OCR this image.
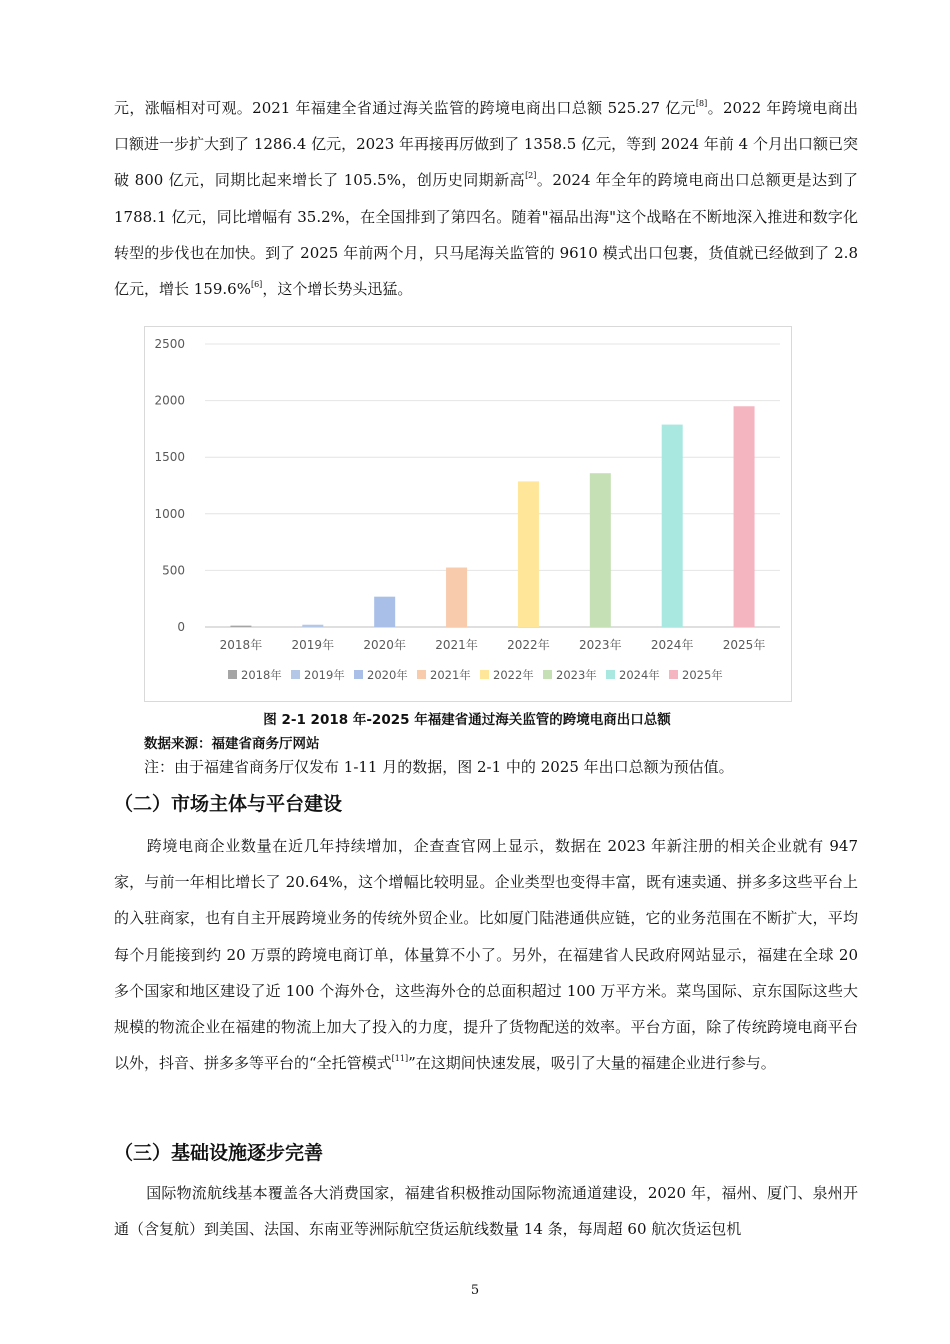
元，涨幅相对可观。2021 年福建全省通过海关监管的跨境电商出口总额 525.27 亿元[8]。2022 年跨境电商出口额进一步扩大到了 1286.4 亿元，2023 年再接再厉做到了 1358.5 亿元，等到 2024 年前 4 个月出口额已突破 800 亿元，同期比起来增长了 105.5%，创历史同期新高[2]。2024 年全年的跨境电商出口总额更是达到了 1788.1 亿元，同比增幅有 35.2%，在全国排到了第四名。随着"福品出海"这个战略在不断地深入推进和数字化转型的步伐也在加快。到了 2025 年前两个月，只马尾海关监管的 9610 模式出口包裹，货值就已经做到了 2.8 亿元，增长 159.6%[6]，这个增长势头迅猛。
0
500
1000
1500
2000
2500
2018年 2019年 2020年 2021年 2022年 2023年 2024年 2025年
2018年 2019年 2020年 2021年 2022年 2023年 2024年 2025年
图 2-1 2018 年-2025 年福建省通过海关监管的跨境电商出口总额
数据来源：福建省商务厅网站
注：由于福建省商务厅仅发布 1-11 月的数据，图 2-1 中的 2025 年出口总额为预估值。
（二）市场主体与平台建设
跨境电商企业数量在近几年持续增加，企查查官网上显示，数据在 2023 年新注册的相关企业就有 947 家，与前一年相比增长了 20.64%，这个增幅比较明显。企业类型也变得丰富，既有速卖通、拼多多这些平台上的入驻商家，也有自主开展跨境业务的传统外贸企业。比如厦门陆港通供应链，它的业务范围在不断扩大，平均每个月能接到约 20 万票的跨境电商订单，体量算不小了。另外，在福建省人民政府网站显示，福建在全球 20 多个国家和地区建设了近 100 个海外仓，这些海外仓的总面积超过 100 万平方米。菜鸟国际、京东国际这些大规模的物流企业在福建的物流上加大了投入的力度，提升了货物配送的效率。平台方面，除了传统跨境电商平台以外，抖音、拼多多等平台的“全托管模式[11]”在这期间快速发展，吸引了大量的福建企业进行参与。
（三）基础设施逐步完善
国际物流航线基本覆盖各大消费国家，福建省积极推动国际物流通道建设，2020 年，福州、厦门、泉州开通（含复航）到美国、法国、东南亚等洲际航空货运航线数量 14 条，每周超 60 航次货运包机
5
